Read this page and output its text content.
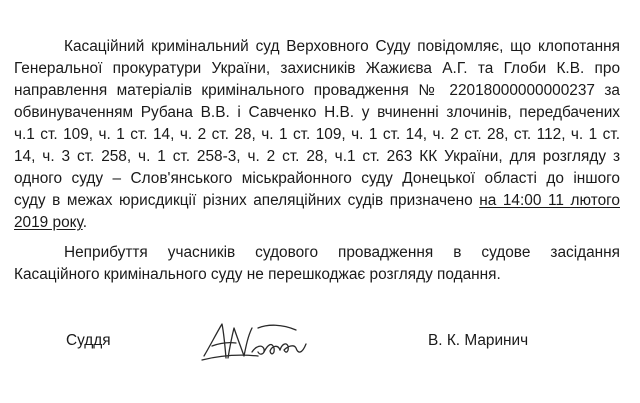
Касаційний кримінальний суд Верховного Суду повідомляє, що клопотання
Генеральної прокуратури України, захисників Жажиєва А.Г. та Глоби К.В. про
направлення матеріалів кримінального провадження № 22018000000000237 за
обвинуваченням Рубана В.В. і Савченко Н.В. у вчиненні злочинів, передбачених
ч.1 ст. 109, ч. 1 ст. 14, ч. 2 ст. 28, ч. 1 ст. 109, ч. 1 ст. 14, ч. 2 ст. 28, ст. 112, ч. 1 ст.
14, ч. 3 ст. 258, ч. 1 ст. 258-3, ч. 2 ст. 28, ч.1 ст. 263 КК України, для розгляду з
одного суду – Слов'янського міськрайонного суду Донецької області до іншого
суду в межах юрисдикції різних апеляційних судів призначено на 14:00 11 лютого
2019 року.
Неприбуття учасників судового провадження в судове засідання
Касаційного кримінального суду не перешкоджає розгляду подання.
Суддя	В. К. Маринич
